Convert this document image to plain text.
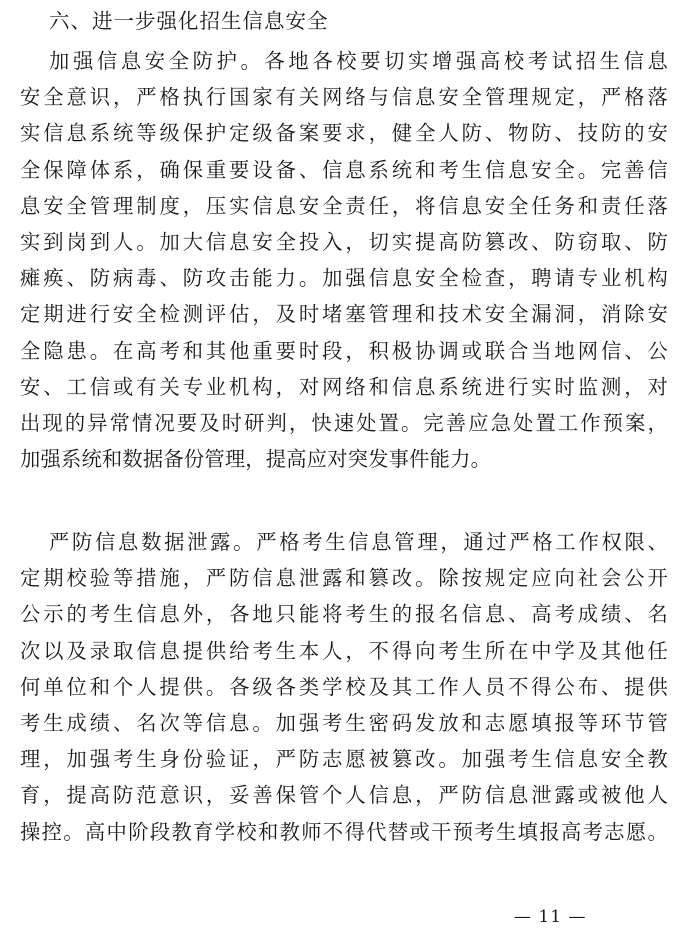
六、进一步强化招生信息安全
加强信息安全防护。各地各校要切实增强高校考试招生信息
安全意识，严格执行国家有关网络与信息安全管理规定，严格落
实信息系统等级保护定级备案要求，健全人防、物防、技防的安
全保障体系，确保重要设备、信息系统和考生信息安全。完善信
息安全管理制度，压实信息安全责任，将信息安全任务和责任落
实到岗到人。加大信息安全投入，切实提高防篡改、防窃取、防
瘫痪、防病毒、防攻击能力。加强信息安全检查，聘请专业机构
定期进行安全检测评估，及时堵塞管理和技术安全漏洞，消除安
全隐患。在高考和其他重要时段，积极协调或联合当地网信、公
安、工信或有关专业机构，对网络和信息系统进行实时监测，对
出现的异常情况要及时研判，快速处置。完善应急处置工作预案，
加强系统和数据备份管理，提高应对突发事件能力。
严防信息数据泄露。严格考生信息管理，通过严格工作权限、
定期校验等措施，严防信息泄露和篡改。除按规定应向社会公开
公示的考生信息外，各地只能将考生的报名信息、高考成绩、名
次以及录取信息提供给考生本人，不得向考生所在中学及其他任
何单位和个人提供。各级各类学校及其工作人员不得公布、提供
考生成绩、名次等信息。加强考生密码发放和志愿填报等环节管
理，加强考生身份验证，严防志愿被篡改。加强考生信息安全教
育，提高防范意识，妥善保管个人信息，严防信息泄露或被他人
操控。高中阶段教育学校和教师不得代替或干预考生填报高考志愿。
— 11 —
